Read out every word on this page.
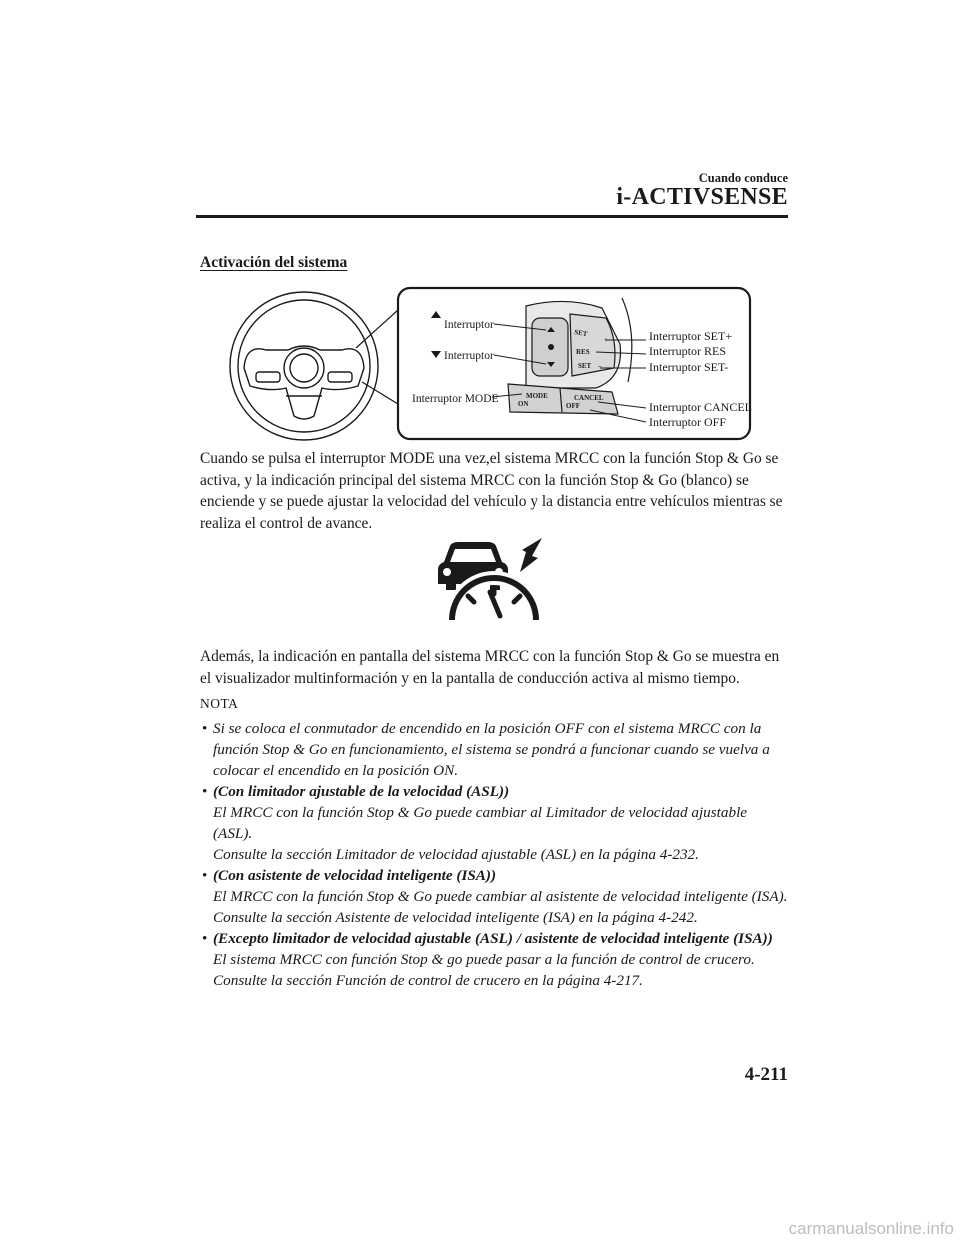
Cuando conduce
i-ACTIVSENSE
Activación del sistema
SET
+
RES
SET –
MODE
ON
CANCEL
OFF
Interruptor
Interruptor
Interruptor MODE
Interruptor SET+
Interruptor RES
Interruptor SET-
Interruptor CANCEL
Interruptor OFF

Cuando se pulsa el interruptor MODE una vez,el sistema MRCC con la función Stop & Go se activa, y la indicación principal del sistema MRCC con la función Stop & Go (blanco) se enciende y se puede ajustar la velocidad del vehículo y la distancia entre vehículos mientras se realiza el control de avance.

Además, la indicación en pantalla del sistema MRCC con la función Stop & Go se muestra en el visualizador multinformación y en la pantalla de conducción activa al mismo tiempo.

NOTA
• Si se coloca el conmutador de encendido en la posición OFF con el sistema MRCC con la función Stop & Go en funcionamiento, el sistema se pondrá a funcionar cuando se vuelva a colocar el encendido en la posición ON.
• (Con limitador ajustable de la velocidad (ASL))
El MRCC con la función Stop & Go puede cambiar al Limitador de velocidad ajustable (ASL).
Consulte la sección Limitador de velocidad ajustable (ASL) en la página 4-232.
• (Con asistente de velocidad inteligente (ISA))
El MRCC con la función Stop & Go puede cambiar al asistente de velocidad inteligente (ISA).
Consulte la sección Asistente de velocidad inteligente (ISA) en la página 4-242.
• (Excepto limitador de velocidad ajustable (ASL) / asistente de velocidad inteligente (ISA))
El sistema MRCC con función Stop & go puede pasar a la función de control de crucero.
Consulte la sección Función de control de crucero en la página 4-217.
4-211
carmanualsonline.info
